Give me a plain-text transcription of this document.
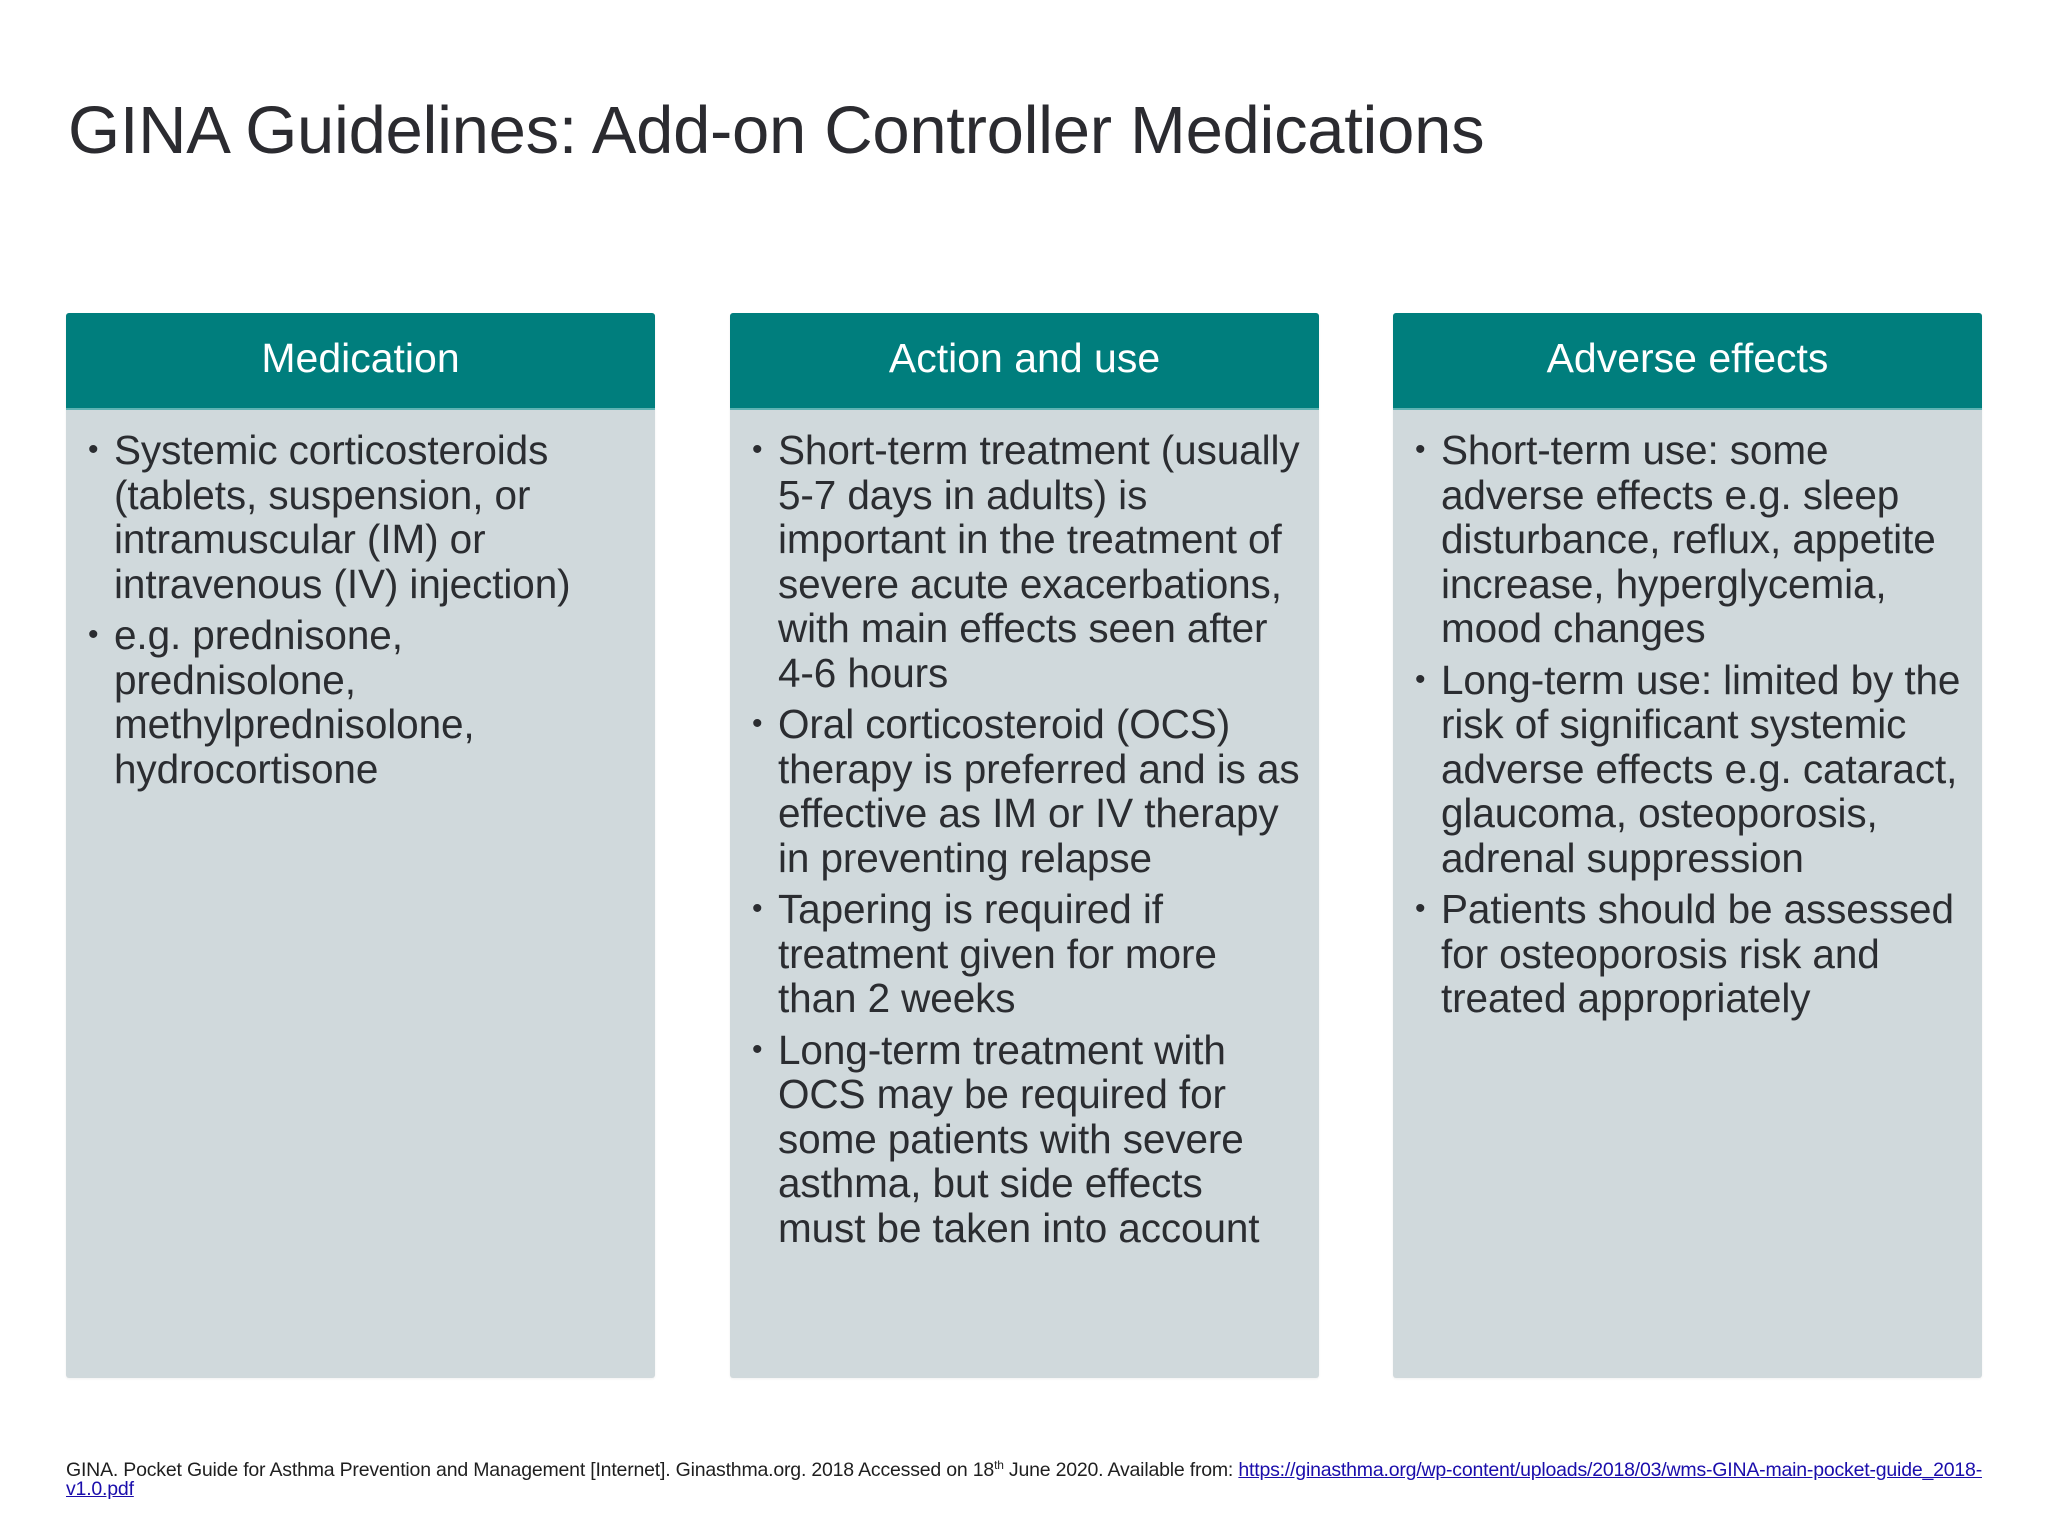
GINA Guidelines: Add-on Controller Medications
Medication
• Systemic corticosteroids (tablets, suspension, or intramuscular (IM) or intravenous (IV) injection)
• e.g. prednisone, prednisolone, methylprednisolone, hydrocortisone
Action and use
• Short-term treatment (usually 5-7 days in adults) is important in the treatment of severe acute exacerbations, with main effects seen after 4-6 hours
• Oral corticosteroid (OCS) therapy is preferred and is as effective as IM or IV therapy in preventing relapse
• Tapering is required if treatment given for more than 2 weeks
• Long-term treatment with OCS may be required for some patients with severe asthma, but side effects must be taken into account
Adverse effects
• Short-term use: some adverse effects e.g. sleep disturbance, reflux, appetite increase, hyperglycemia, mood changes
• Long-term use: limited by the risk of significant systemic adverse effects e.g. cataract, glaucoma, osteoporosis, adrenal suppression
• Patients should be assessed for osteoporosis risk and treated appropriately
GINA. Pocket Guide for Asthma Prevention and Management [Internet]. Ginasthma.org. 2018 Accessed on 18th June 2020. Available from: https://ginasthma.org/wp-content/uploads/2018/03/wms-GINA-main-pocket-guide_2018-v1.0.pdf
